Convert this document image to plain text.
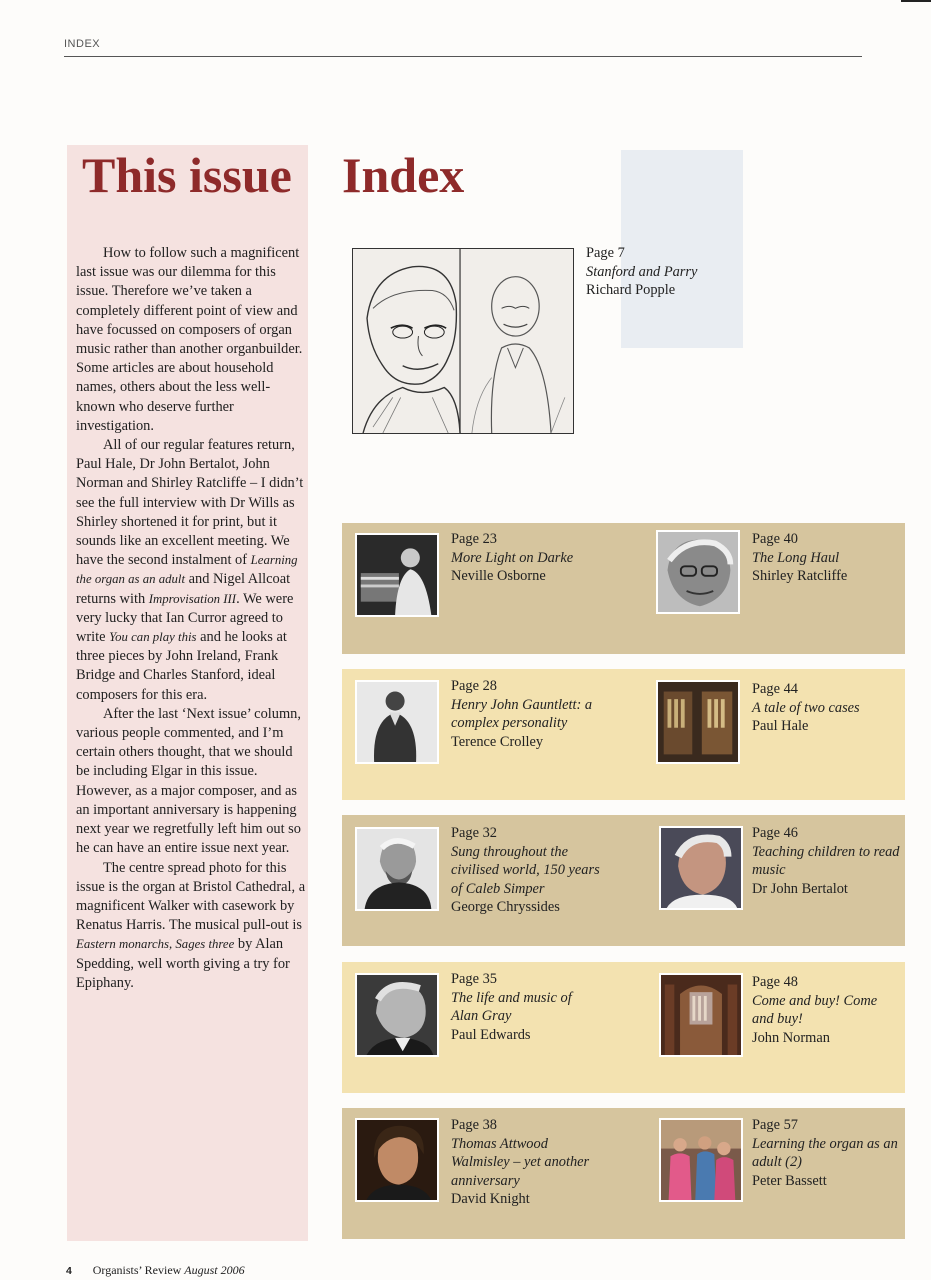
INDEX
This issue Index

How to follow such a magnificent last issue was our dilemma for this issue. Therefore we’ve taken a completely different point of view and have focussed on composers of organ music rather than another organbuilder. Some articles are about household names, others about the less well-known who deserve further investigation.

All of our regular features return, Paul Hale, Dr John Bertalot, John Norman and Shirley Ratcliffe – I didn’t see the full interview with Dr Wills as Shirley shortened it for print, but it sounds like an excellent meeting. We have the second instalment of Learning the organ as an adult and Nigel Allcoat returns with Improvisation III. We were very lucky that Ian Curror agreed to write You can play this and he looks at three pieces by John Ireland, Frank Bridge and Charles Stanford, ideal composers for this era.

After the last ‘Next issue’ column, various people commented, and I’m certain others thought, that we should be including Elgar in this issue. However, as a major composer, and as an important anniversary is happening next year we regretfully left him out so he can have an entire issue next year.

The centre spread photo for this issue is the organ at Bristol Cathedral, a magnificent Walker with casework by Renatus Harris. The musical pull-out is Eastern monarchs, Sages three by Alan Spedding, well worth giving a try for Epiphany.

Page 7
Stanford and Parry
Richard Popple
Page 23
More Light on Darke
Neville Osborne
Page 40
The Long Haul
Shirley Ratcliffe
Page 28
Henry John Gauntlett: a complex personality
Terence Crolley
Page 44
A tale of two cases
Paul Hale
Page 32
Sung throughout the civilised world, 150 years of Caleb Simper
George Chryssides
Page 46
Teaching children to read music
Dr John Bertalot
Page 35
The life and music of Alan Gray
Paul Edwards
Page 48
Come and buy! Come and buy!
John Norman
Page 38
Thomas Attwood Walmisley – yet another anniversary
David Knight
Page 57
Learning the organ as an adult (2)
Peter Bassett
4 Organists’ Review August 2006
